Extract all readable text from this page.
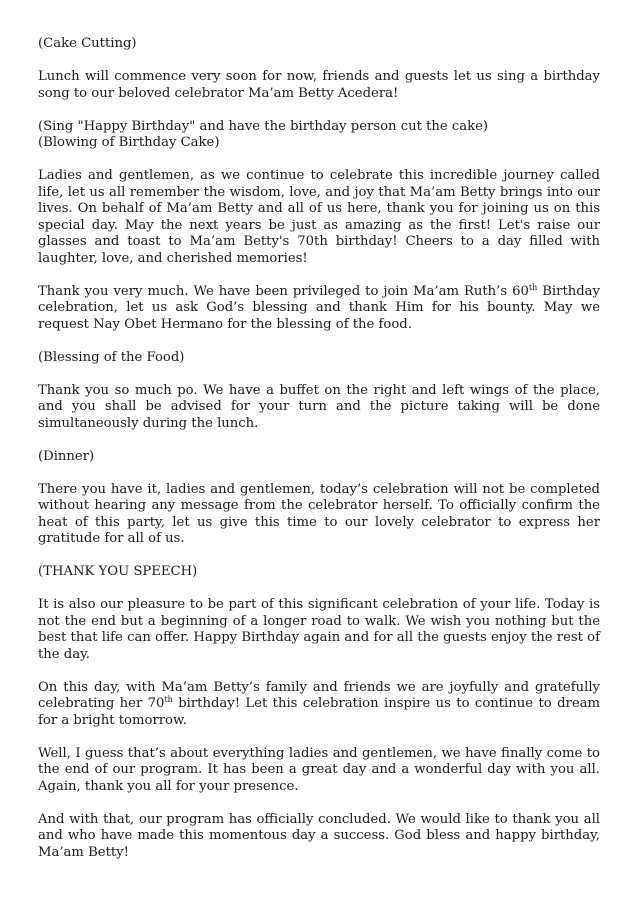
(Cake Cutting)

Lunch will commence very soon for now, friends and guests let us sing a birthday song to our beloved celebrator Ma’am Betty Acedera!

(Sing "Happy Birthday" and have the birthday person cut the cake)
(Blowing of Birthday Cake)

Ladies and gentlemen, as we continue to celebrate this incredible journey called life, let us all remember the wisdom, love, and joy that Ma’am Betty brings into our lives. On behalf of Ma’am Betty and all of us here, thank you for joining us on this special day. May the next years be just as amazing as the first! Let's raise our glasses and toast to Ma’am Betty's 70th birthday! Cheers to a day filled with laughter, love, and cherished memories!

Thank you very much. We have been privileged to join Ma’am Ruth’s 60th Birthday celebration, let us ask God’s blessing and thank Him for his bounty. May we request Nay Obet Hermano for the blessing of the food.

(Blessing of the Food)

Thank you so much po. We have a buffet on the right and left wings of the place, and you shall be advised for your turn and the picture taking will be done simultaneously during the lunch.

(Dinner)

There you have it, ladies and gentlemen, today’s celebration will not be completed without hearing any message from the celebrator herself. To officially confirm the heat of this party, let us give this time to our lovely celebrator to express her gratitude for all of us.

(THANK YOU SPEECH)

It is also our pleasure to be part of this significant celebration of your life. Today is not the end but a beginning of a longer road to walk. We wish you nothing but the best that life can offer. Happy Birthday again and for all the guests enjoy the rest of the day.

On this day, with Ma’am Betty’s family and friends we are joyfully and gratefully celebrating her 70th birthday! Let this celebration inspire us to continue to dream for a bright tomorrow.

Well, I guess that’s about everything ladies and gentlemen, we have finally come to the end of our program. It has been a great day and a wonderful day with you all. Again, thank you all for your presence.

And with that, our program has officially concluded. We would like to thank you all and who have made this momentous day a success. God bless and happy birthday, Ma’am Betty!
